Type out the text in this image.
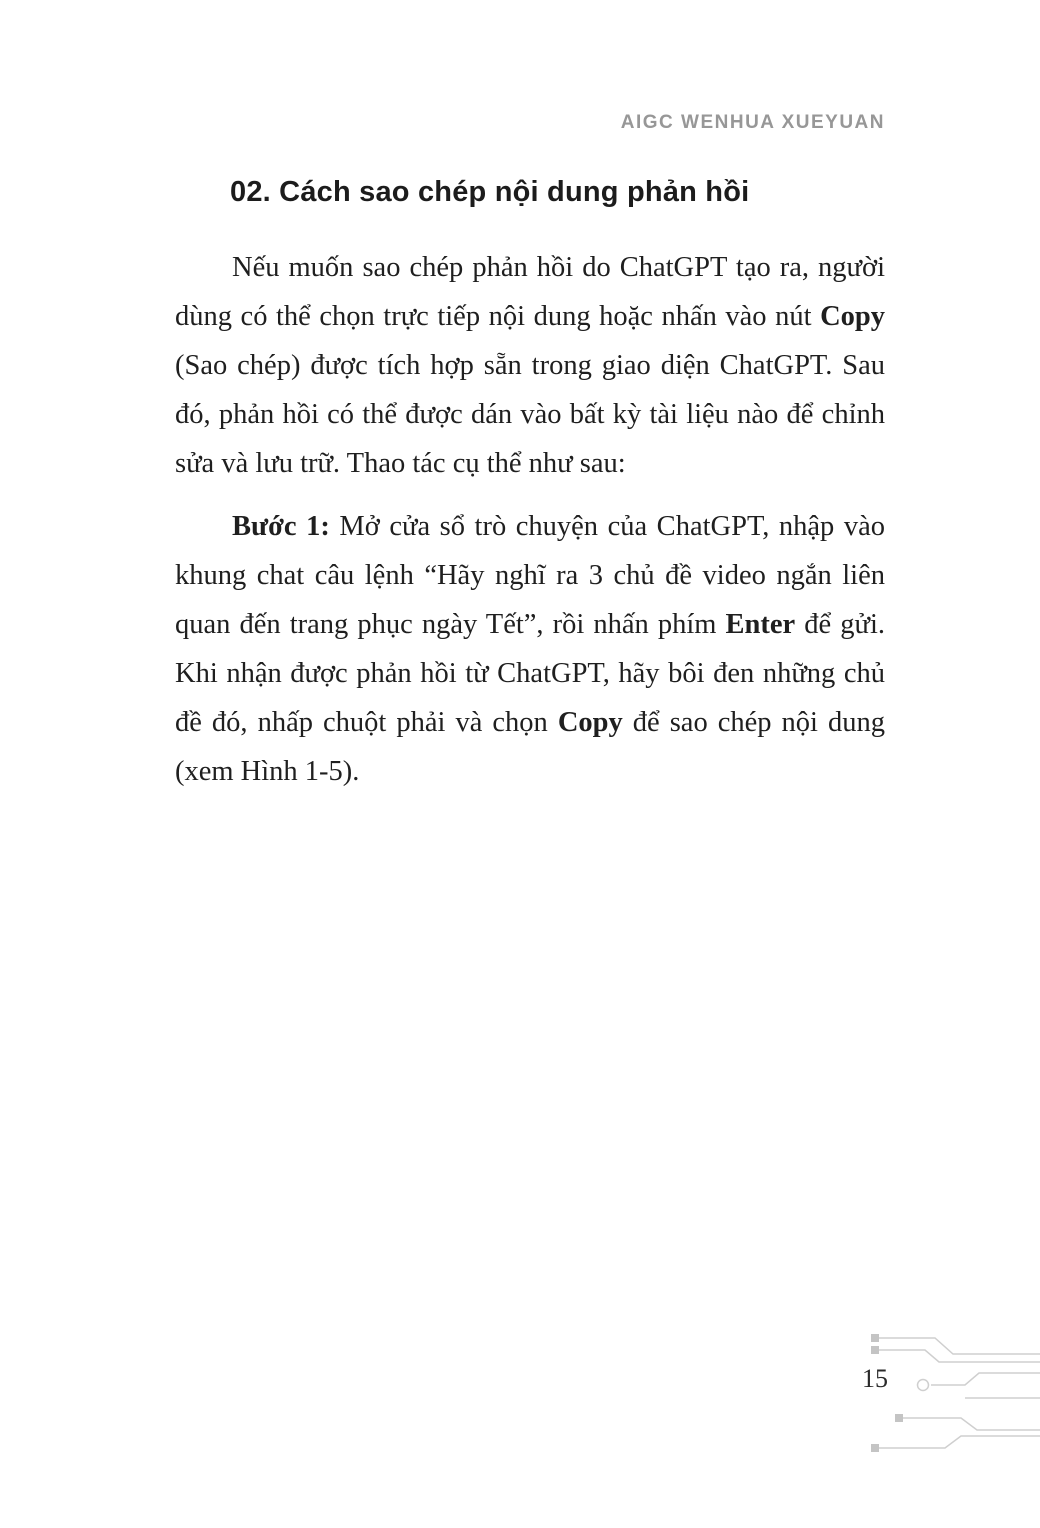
AIGC WENHUA XUEYUAN
02. Cách sao chép nội dung phản hồi

Nếu muốn sao chép phản hồi do ChatGPT tạo ra, người dùng có thể chọn trực tiếp nội dung hoặc nhấn vào nút Copy (Sao chép) được tích hợp sẵn trong giao diện ChatGPT. Sau đó, phản hồi có thể được dán vào bất kỳ tài liệu nào để chỉnh sửa và lưu trữ. Thao tác cụ thể như sau:

Bước 1: Mở cửa sổ trò chuyện của ChatGPT, nhập vào khung chat câu lệnh “Hãy nghĩ ra 3 chủ đề video ngắn liên quan đến trang phục ngày Tết”, rồi nhấn phím Enter để gửi. Khi nhận được phản hồi từ ChatGPT, hãy bôi đen những chủ đề đó, nhấp chuột phải và chọn Copy để sao chép nội dung (xem Hình 1-5).

15
